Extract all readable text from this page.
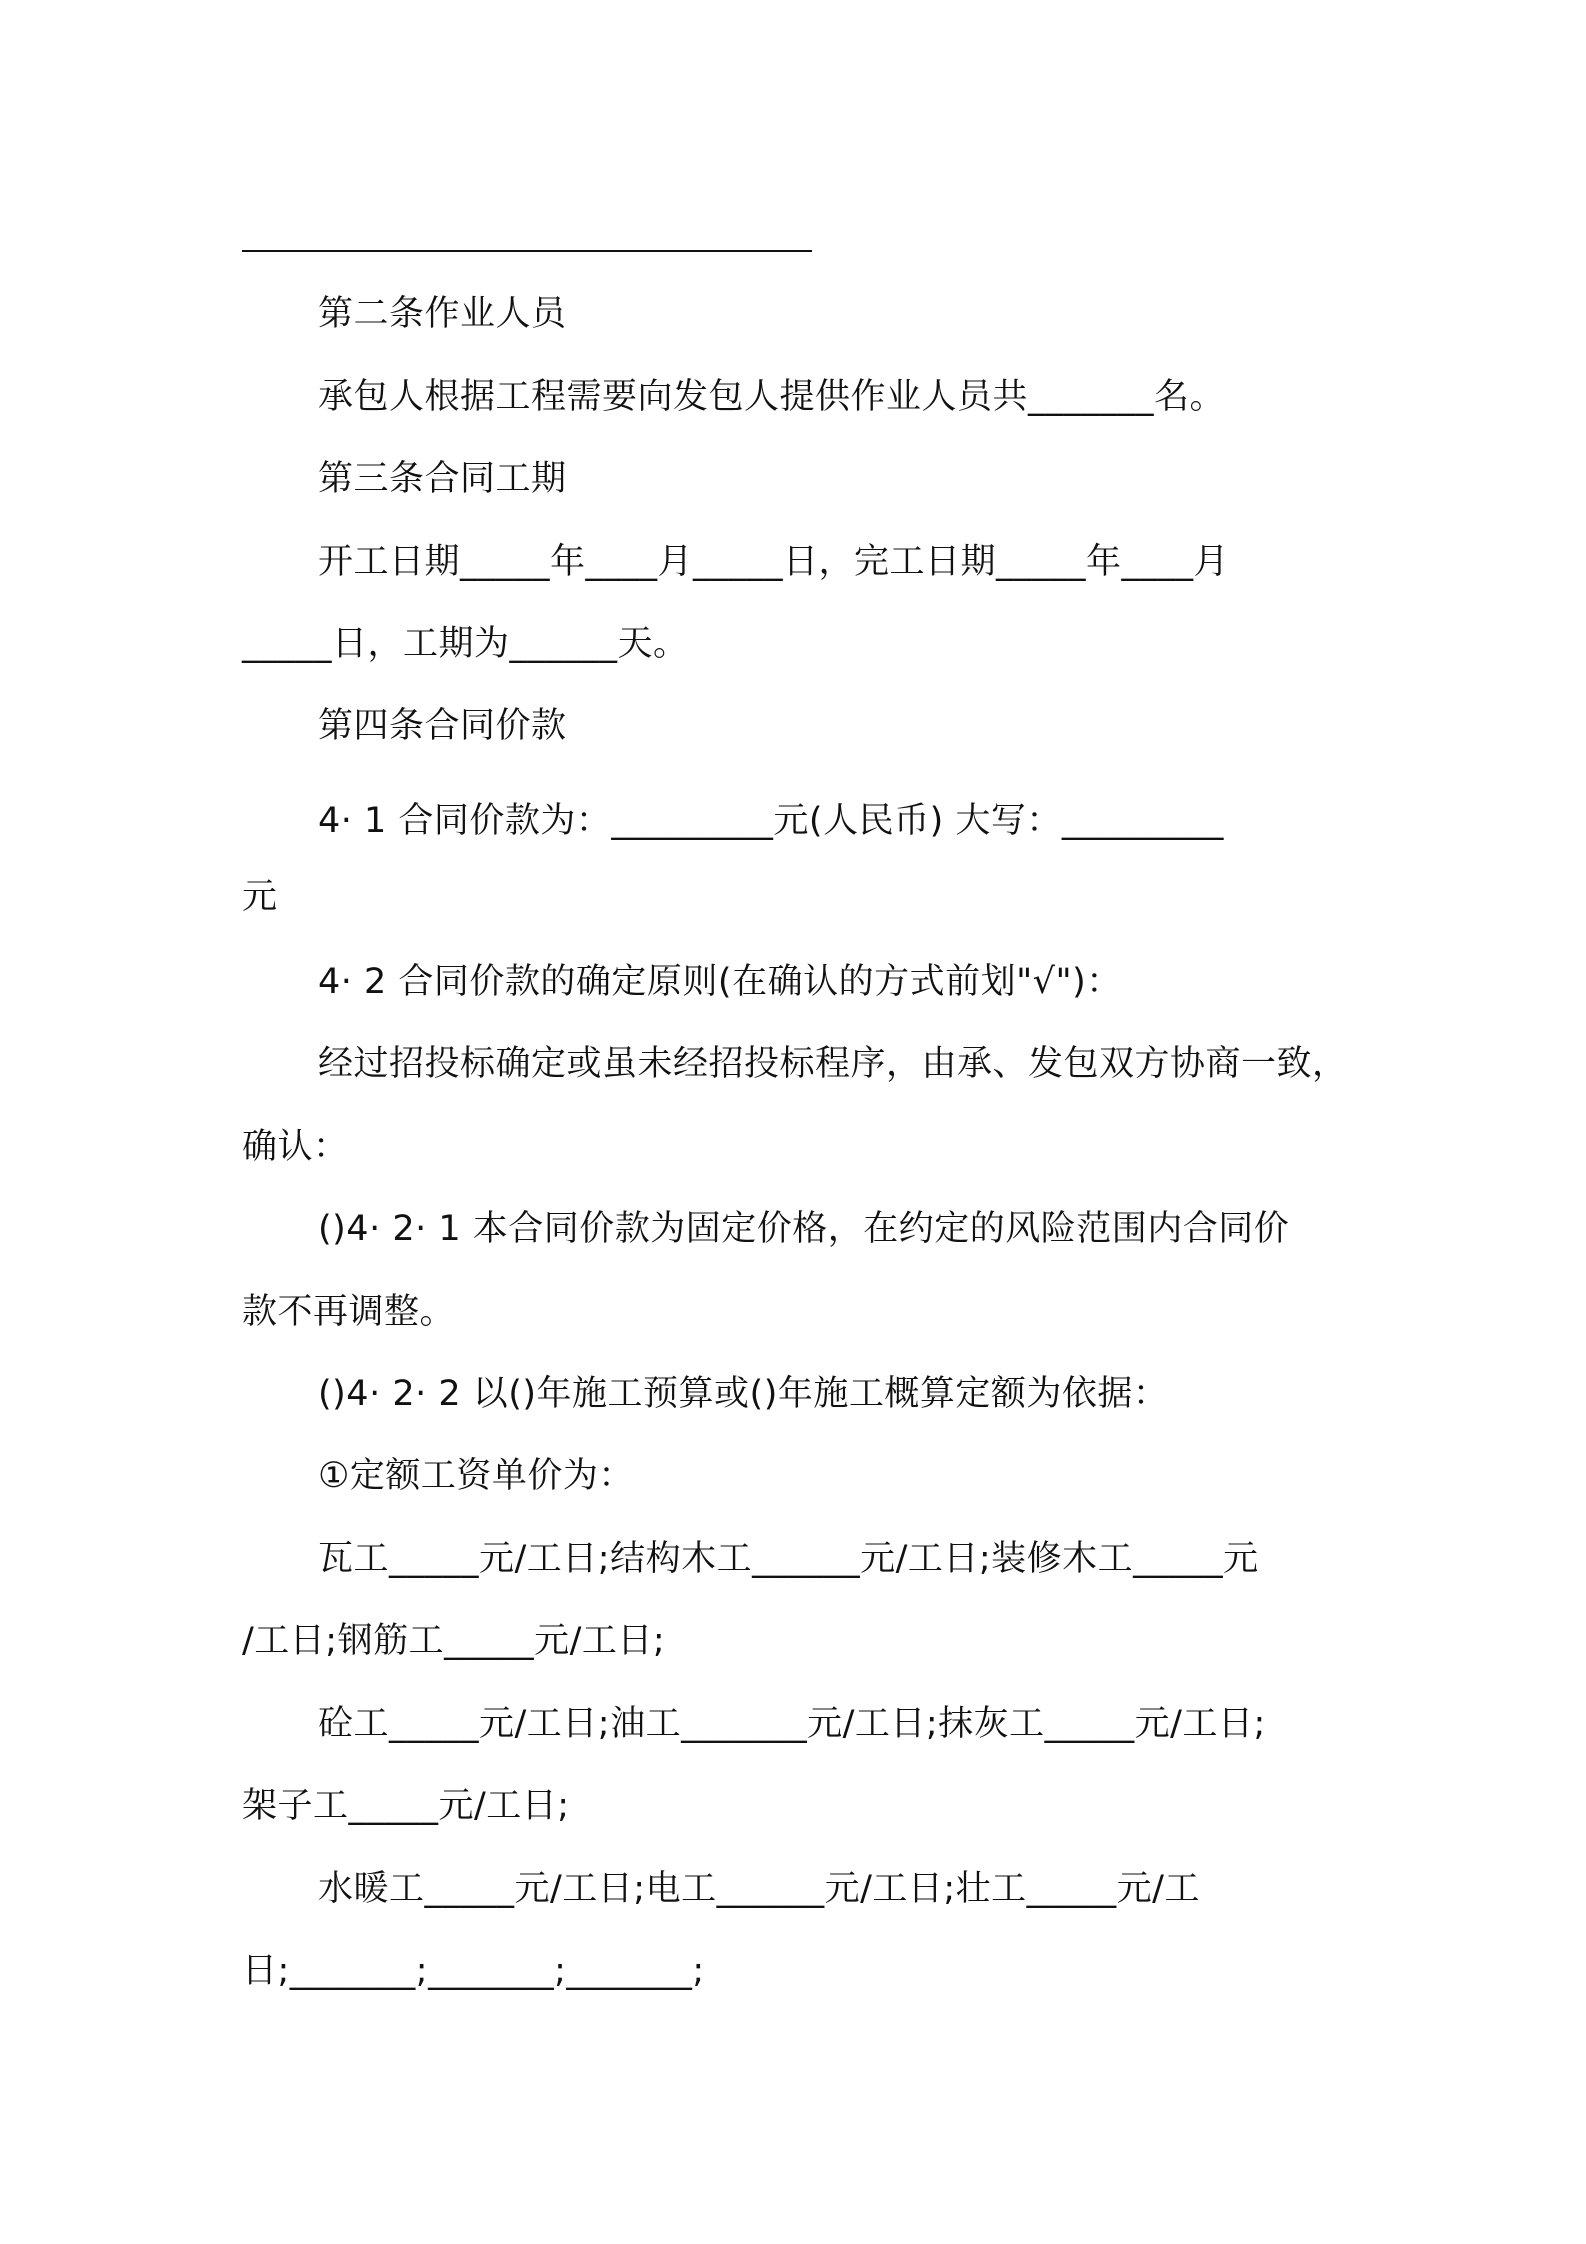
第二条作业人员
承包人根据工程需要向发包人提供作业人员共_______名。
第三条合同工期
开工日期_____年____月_____日，完工日期_____年____月
_____日，工期为______天。
第四条合同价款
4· 1 合同价款为：_________元(人民币) 大写：_________
元
4· 2 合同价款的确定原则(在确认的方式前划"√")：
经过招投标确定或虽未经招投标程序，由承、发包双方协商一致，
确认：
()4· 2· 1 本合同价款为固定价格，在约定的风险范围内合同价
款不再调整。
()4· 2· 2 以()年施工预算或()年施工概算定额为依据：
①定额工资单价为：
瓦工_____元/工日;结构木工______元/工日;装修木工_____元
/工日;钢筋工_____元/工日;
砼工_____元/工日;油工_______元/工日;抹灰工_____元/工日;
架子工_____元/工日;
水暖工_____元/工日;电工______元/工日;壮工_____元/工
日;_______;_______;_______;
